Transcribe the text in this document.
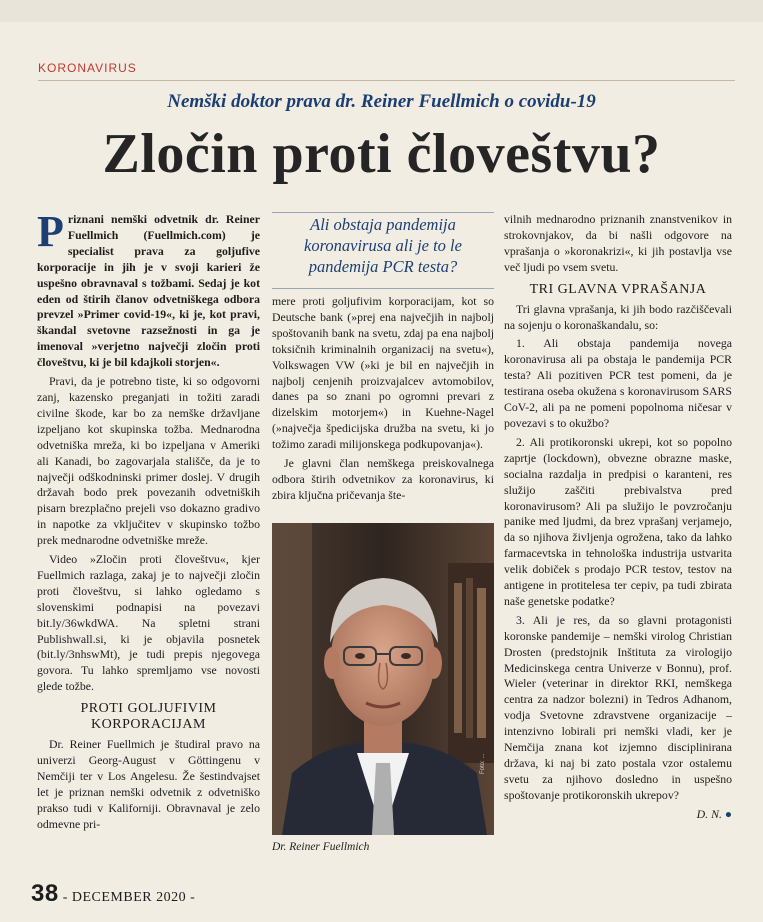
KORONAVIRUS
Nemški doktor prava dr. Reiner Fuellmich o covidu-19
Zločin proti človeštvu?

Priznani nemški odvetnik dr. Reiner Fuellmich (Fuellmich.com) je specialist prava za goljufive korporacije in jih je v svoji karieri že uspešno obravnaval s tožbami. Sedaj je kot eden od štirih članov odvetniškega odbora prevzel »Primer covid-19«, ki je, kot pravi, škandal svetovne razsežnosti in ga je imenoval »verjetno največji zločin proti človeštvu, ki je bil kdajkoli storjen«.

Pravi, da je potrebno tiste, ki so odgovorni zanj, kazensko preganjati in tožiti zaradi civilne škode, kar bo za nemške državljane izpeljano kot skupinska tožba. Mednarodna odvetniška mreža, ki bo izpeljana v Ameriki ali Kanadi, bo zagovarjala stališče, da je to največji odškodninski primer doslej. V drugih državah bodo prek povezanih odvetniških pisarn brezplačno prejeli vso dokazno gradivo in napotke za vključitev v skupinsko tožbo prek mednarodne odvetniške mreže.

Video »Zločin proti človeštvu«, kjer Fuellmich razlaga, zakaj je to največji zločin proti človeštvu, si lahko ogledamo s slovenskimi podnapisi na povezavi bit.ly/36wkdWA. Na spletni strani Publishwall.si, ki je objavila posnetek (bit.ly/3nhswMt), je tudi prepis njegovega govora. Tu lahko spremljamo vse novosti glede tožbe.

PROTI GOLJUFIVIM KORPORACIJAM

Dr. Reiner Fuellmich je študiral pravo na univerzi Georg-August v Göttingenu v Nemčiji ter v Los Angelesu. Že šestindvajset let je priznan nemški odvetnik z odvetniško prakso tudi v Kaliforniji. Obravnaval je zelo odmevne pri-

Ali obstaja pandemija koronavirusa ali je to le pandemija PCR testa?

mere proti goljufivim korporacijam, kot so Deutsche bank (»prej ena največjih in najbolj spoštovanih bank na svetu, zdaj pa ena najbolj toksičnih kriminalnih organizacij na svetu«), Volkswagen VW (»ki je bil en največjih in najbolj cenjenih proizvajalcev avtomobilov, danes pa so znani po ogromni prevari z dizelskim motorjem«) in Kuehne-Nagel (»največja špedicijska družba na svetu, ki jo tožimo zaradi milijonskega podkupovanja«).

Je glavni član nemškega preiskovalnega odbora štirih odvetnikov za koronavirus, ki zbira ključna pričevanja šte-

Foto: ...
Dr. Reiner Fuellmich

vilnih mednarodno priznanih znanstvenikov in strokovnjakov, da bi našli odgovore na vprašanja o »koronakrizi«, ki jih postavlja vse več ljudi po vsem svetu.

TRI GLAVNA VPRAŠANJA

Tri glavna vprašanja, ki jih bodo razčiščevali na sojenju o koronaškandalu, so:

1. Ali obstaja pandemija novega koronavirusa ali pa obstaja le pandemija PCR testa? Ali pozitiven PCR test pomeni, da je testirana oseba okužena s koronavirusom SARS CoV-2, ali pa ne pomeni popolnoma ničesar v povezavi s to okužbo?

2. Ali protikoronski ukrepi, kot so popolno zaprtje (lockdown), obvezne obrazne maske, socialna razdalja in predpisi o karanteni, res služijo zaščiti prebivalstva pred koronavirusom? Ali pa služijo le povzročanju panike med ljudmi, da brez vprašanj verjamejo, da so njihova življenja ogrožena, tako da lahko farmacevtska in tehnološka industrija ustvarita velik dobiček s prodajo PCR testov, testov na antigene in protitelesa ter cepiv, pa tudi zbirata naše genetske podatke?

3. Ali je res, da so glavni protagonisti koronske pandemije – nemški virolog Christian Drosten (predstojnik Inštituta za virologijo Medicinskega centra Univerze v Bonnu), prof. Wieler (veterinar in direktor RKI, nemškega centra za nadzor bolezni) in Tedros Adhanom, vodja Svetovne zdravstvene organizacije – intenzivno lobirali pri nemški vladi, ker je Nemčija znana kot izjemno disciplinirana država, ki naj bi zato postala vzor ostalemu svetu za njihovo dosledno in uspešno spoštovanje protikoronskih ukrepov?

D. N. ●

38 - DECEMBER 2020 -
